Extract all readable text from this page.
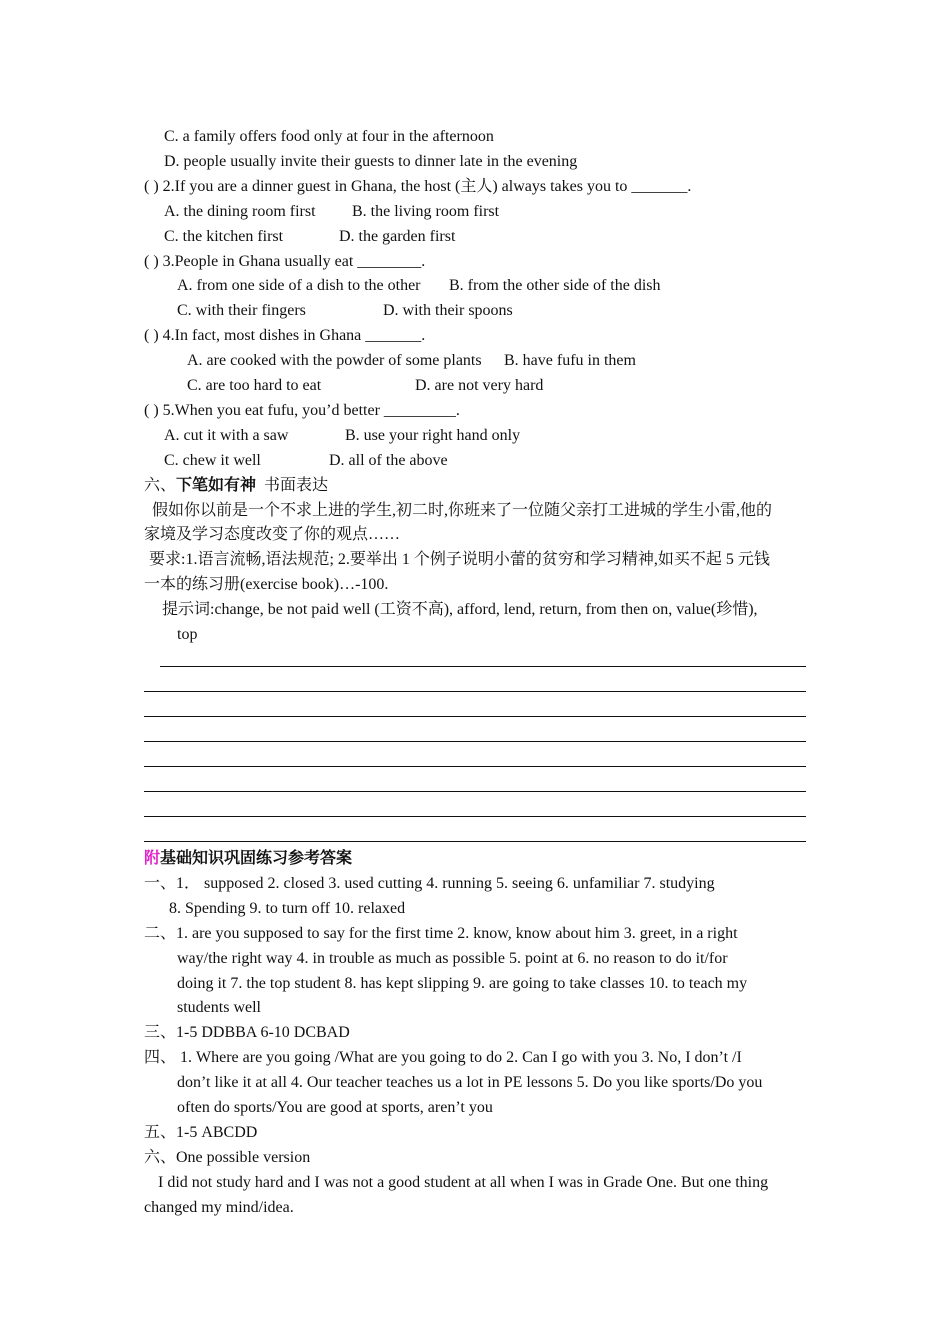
C. a family offers food only at four in the afternoon
D. people usually invite their guests to dinner late in the evening
( ) 2.If you are a dinner guest in Ghana, the host (主人) always takes you to _______.
A. the dining room first B. the living room first
C. the kitchen first	D. the garden first
( ) 3.People in Ghana usually eat ________.
A. from one side of a dish to the other B. from the other side of the dish
C. with their fingers	D. with their spoons
( ) 4.In fact, most dishes in Ghana _______.
A. are cooked with the powder of some plants B. have fufu in them
C. are too hard to eat	D. are not very hard
( ) 5.When you eat fufu, you’d better _________.
A. cut it with a saw	B. use your right hand only
C. chew it well	D. all of the above
六、下笔如有神 书面表达
假如你以前是一个不求上进的学生,初二时,你班来了一位随父亲打工进城的学生小雷,他的
家境及学习态度改变了你的观点……
要求:1.语言流畅,语法规范; 2.要举出 1 个例子说明小蕾的贫穷和学习精神,如买不起 5 元钱
一本的练习册(exercise book)…-100.
提示词:change, be not paid well (工资不高), afford, lend, return, from then on, value(珍惜),
top
附基础知识巩固练习参考答案
一、1． supposed 2. closed 3. used cutting 4. running 5. seeing 6. unfamiliar 7. studying
8. Spending 9. to turn off 10. relaxed
二、1. are you supposed to say for the first time 2. know, know about him 3. greet, in a right
way/the right way 4. in trouble as much as possible 5. point at 6. no reason to do it/for
doing it 7. the top student 8. has kept slipping 9. are going to take classes 10. to teach my
students well
三、1-5 DDBBA 6-10 DCBAD
四、 1. Where are you going /What are you going to do 2. Can I go with you 3. No, I don’t /I
don’t like it at all 4. Our teacher teaches us a lot in PE lessons 5. Do you like sports/Do you
often do sports/You are good at sports, aren’t you
五、1-5 ABCDD
六、One possible version
I did not study hard and I was not a good student at all when I was in Grade One. But one thing
changed my mind/idea.
